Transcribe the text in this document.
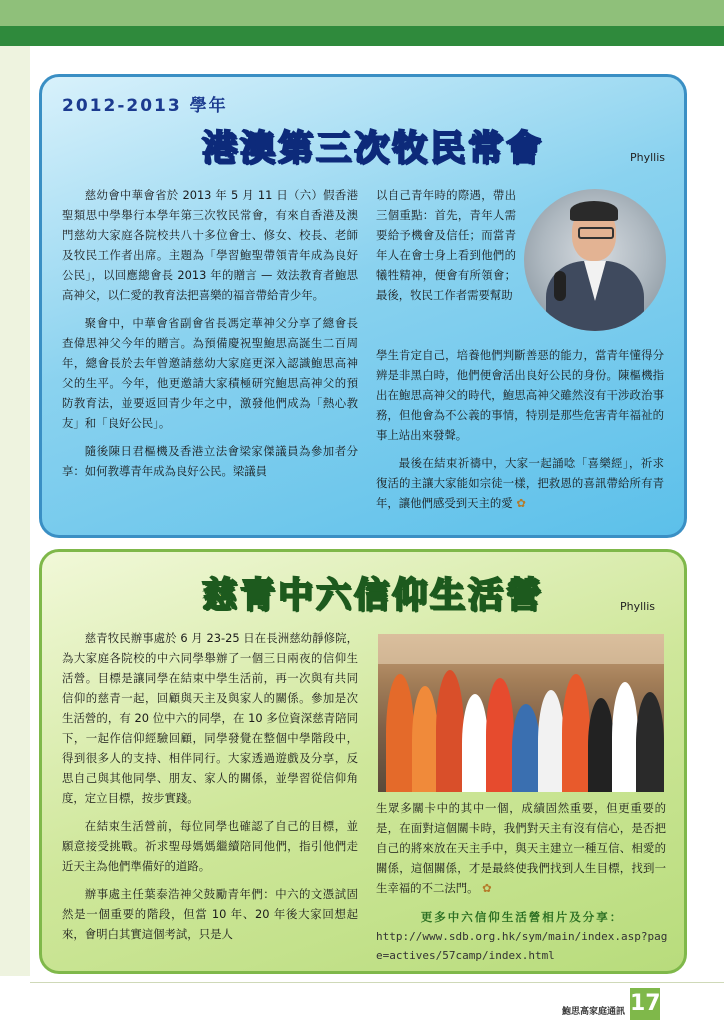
2012-2013 學年
港澳第三次牧民常會	Phyllis

慈幼會中華會省於 2013 年 5 月 11 日（六）假香港聖類思中學舉行本學年第三次牧民常會，有來自香港及澳門慈幼大家庭各院校共八十多位會士、修女、校長、老師及牧民工作者出席。主題為「學習鮑聖帶領青年成為良好公民」，以回應總會長 2013 年的贈言 — 效法教育者鮑思高神父，以仁愛的教育法把喜樂的福音帶給青少年。

聚會中，中華會省副會省長馮定華神父分享了總會長查偉思神父今年的贈言。為預備慶祝聖鮑思高誕生二百周年，總會長於去年曾邀請慈幼大家庭更深入認識鮑思高神父的生平。今年，他更邀請大家積極研究鮑思高神父的預防教育法，並要返回青少年之中，激發他們成為「熱心教友」和「良好公民」。

隨後陳日君樞機及香港立法會梁家傑議員為參加者分享：如何教導青年成為良好公民。梁議員

以自己青年時的際遇，帶出三個重點：首先，青年人需要給予機會及信任；而當青年人在會士身上看到他們的犧牲精神，便會有所領會；最後，牧民工作者需要幫助

學生肯定自己，培養他們判斷善惡的能力，當青年懂得分辨是非黑白時，他們便會活出良好公民的身份。陳樞機指出在鮑思高神父的時代，鮑思高神父雖然沒有干涉政治事務，但他會為不公義的事情，特別是那些危害青年福祉的事上站出來發聲。

最後在結束祈禱中，大家一起誦唸「喜樂經」，祈求復活的主讓大家能如宗徒一樣，把救恩的喜訊帶給所有青年，讓他們感受到天主的愛 ✿

慈青中六信仰生活營	Phyllis

慈青牧民辦事處於 6 月 23-25 日在長洲慈幼靜修院，為大家庭各院校的中六同學舉辦了一個三日兩夜的信仰生活營。目標是讓同學在結束中學生活前，再一次與有共同信仰的慈青一起，回顧與天主及與家人的關係。參加是次生活營的，有 20 位中六的同學，在 10 多位資深慈青陪同下，一起作信仰經驗回顧，同學發覺在整個中學階段中，得到很多人的支持、相伴同行。大家透過遊戲及分享，反思自己與其他同學、朋友、家人的關係，並學習從信仰角度，定立目標，按步實踐。

在結束生活營前，每位同學也確認了自己的目標，並願意接受挑戰。祈求聖母媽媽繼續陪同他們，指引他們走近天主為他們準備好的道路。

辦事處主任葉泰浩神父鼓勵青年們：中六的文憑試固然是一個重要的階段，但當 10 年、20 年後大家回想起來，會明白其實這個考試，只是人

生眾多關卡中的其中一個，成績固然重要，但更重要的是，在面對這個關卡時，我們對天主有沒有信心，是否把自己的將來放在天主手中，與天主建立一種互信、相愛的關係，這個關係，才是最終使我們找到人生目標，找到一生幸福的不二法門。 ✿

更多中六信仰生活營相片及分享：
http://www.sdb.org.hk/sym/main/index.asp?page=actives/57camp/index.html
鮑思高家庭通訊 17
